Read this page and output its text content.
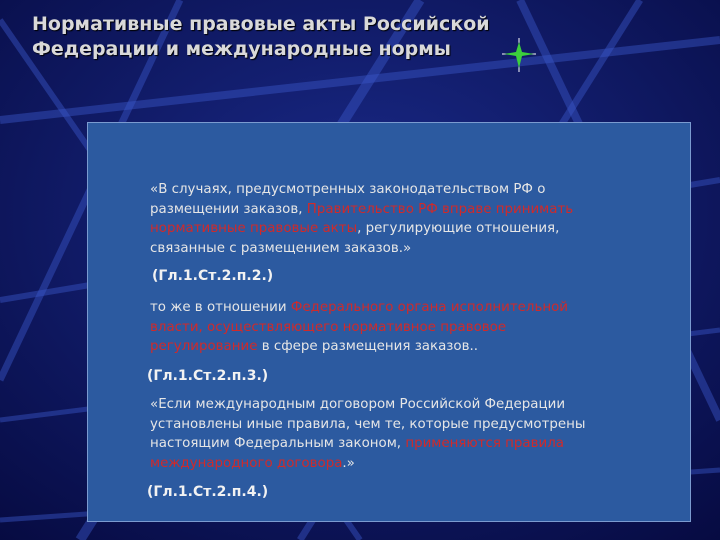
Нормативные правовые акты Российской
Федерации и международные нормы
«В случаях, предусмотренных законодательством РФ о
размещении заказов, Правительство РФ вправе принимать
нормативные правовые акты, регулирующие отношения,
связанные с размещением заказов.»
(Гл.1.Ст.2.п.2.)
то же в отношении Федерального органа исполнительной
власти, осуществляющего нормативное правовое
регулирование в сфере размещения заказов..
(Гл.1.Ст.2.п.3.)
«Если международным договором Российской Федерации
установлены иные правила, чем те, которые предусмотрены
настоящим Федеральным законом, применяются правила
международного договора.»
(Гл.1.Ст.2.п.4.)
